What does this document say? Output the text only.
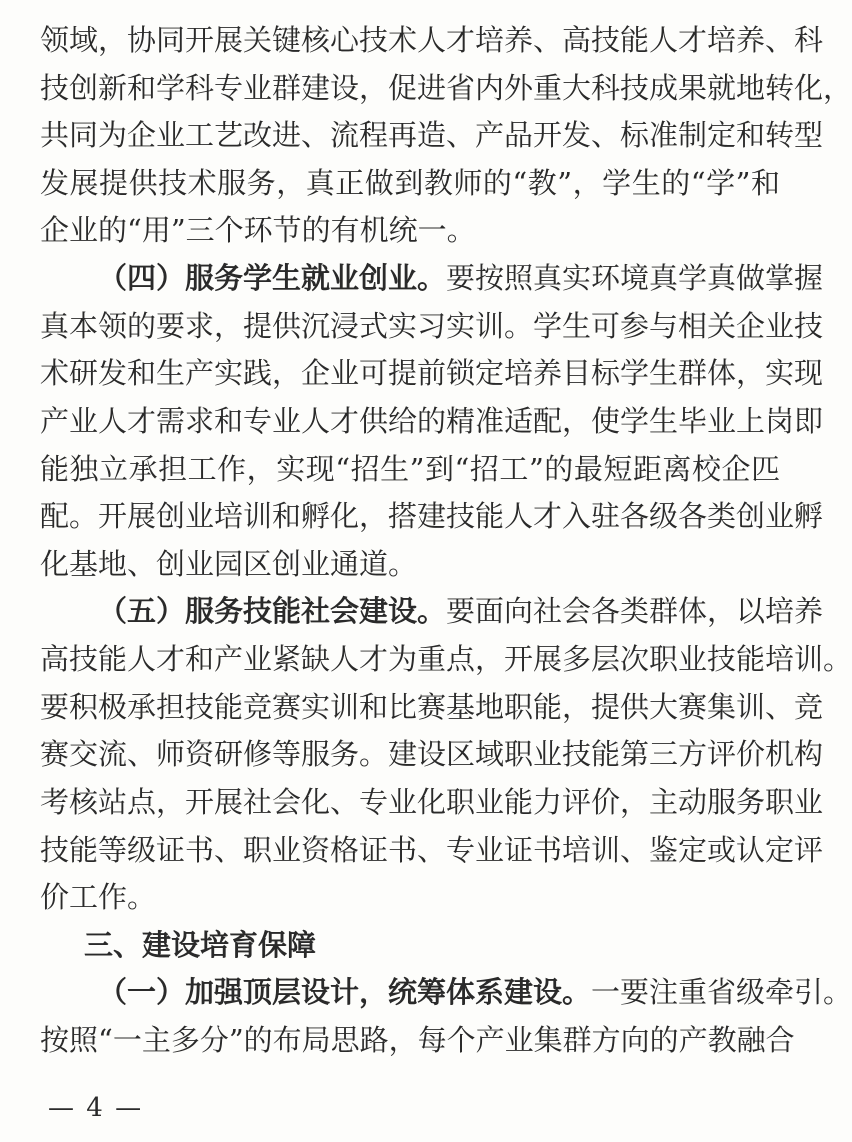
领域，协同开展关键核心技术人才培养、高技能人才培养、科
技创新和学科专业群建设，促进省内外重大科技成果就地转化，
共同为企业工艺改进、流程再造、产品开发、标准制定和转型
发展提供技术服务，真正做到教师的“教”，学生的“学”和
企业的“用”三个环节的有机统一。
（四）服务学生就业创业。要按照真实环境真学真做掌握
真本领的要求，提供沉浸式实习实训。学生可参与相关企业技
术研发和生产实践，企业可提前锁定培养目标学生群体，实现
产业人才需求和专业人才供给的精准适配，使学生毕业上岗即
能独立承担工作，实现“招生”到“招工”的最短距离校企匹
配。开展创业培训和孵化，搭建技能人才入驻各级各类创业孵
化基地、创业园区创业通道。
（五）服务技能社会建设。要面向社会各类群体，以培养
高技能人才和产业紧缺人才为重点，开展多层次职业技能培训。
要积极承担技能竞赛实训和比赛基地职能，提供大赛集训、竞
赛交流、师资研修等服务。建设区域职业技能第三方评价机构
考核站点，开展社会化、专业化职业能力评价，主动服务职业
技能等级证书、职业资格证书、专业证书培训、鉴定或认定评
价工作。
三、建设培育保障
（一）加强顶层设计，统筹体系建设。一要注重省级牵引。
按照“一主多分”的布局思路，每个产业集群方向的产教融合
— 4 —
